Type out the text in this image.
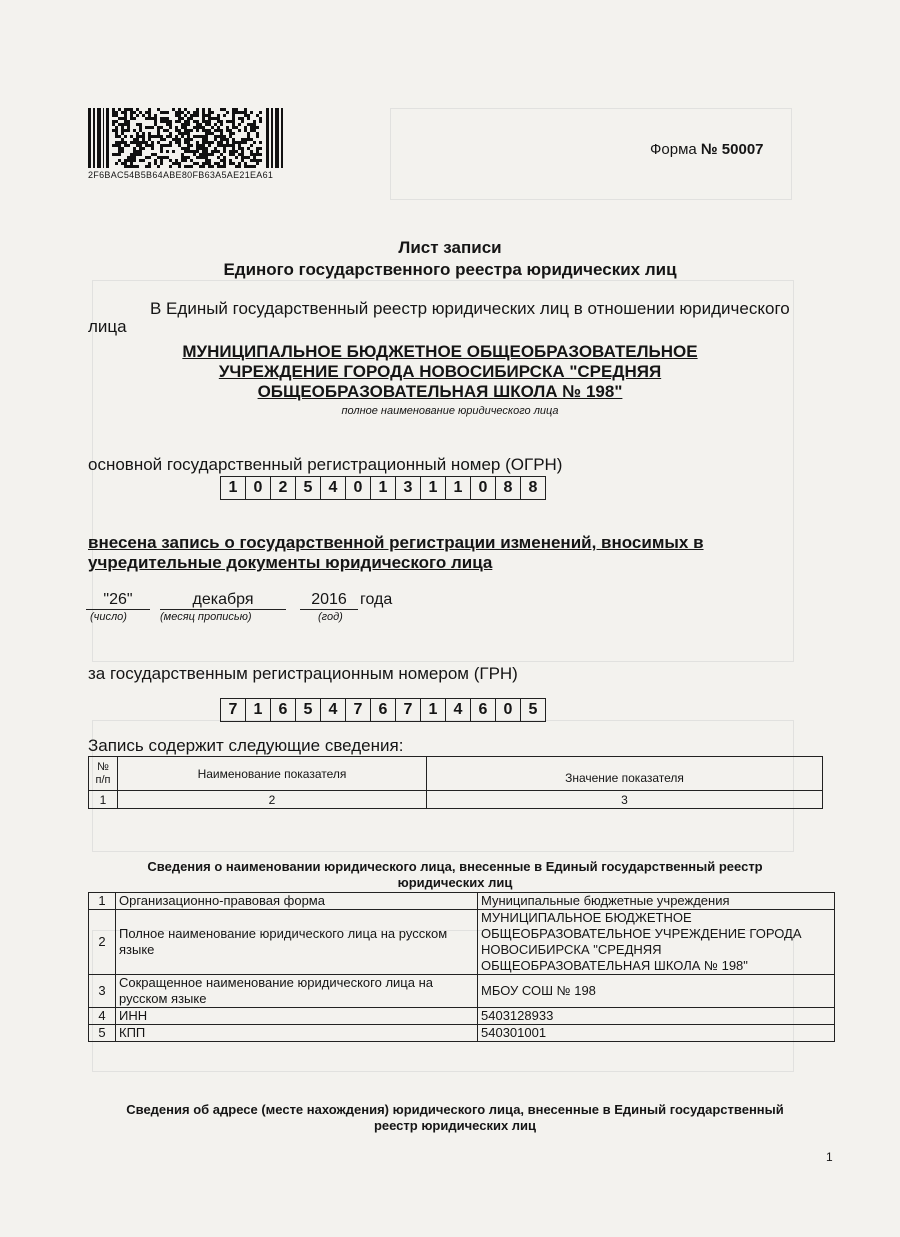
2F6BAC54B5B64ABE80FB63A5AE21EA61
Форма № 50007
Лист записи
Единого государственного реестра юридических лиц
В Единый государственный реестр юридических лиц в отношении юридического
лица
МУНИЦИПАЛЬНОЕ БЮДЖЕТНОЕ ОБЩЕОБРАЗОВАТЕЛЬНОЕ
УЧРЕЖДЕНИЕ ГОРОДА НОВОСИБИРСКА "СРЕДНЯЯ
ОБЩЕОБРАЗОВАТЕЛЬНАЯ ШКОЛА № 198"
полное наименование юридического лица
основной государственный регистрационный номер (ОГРН)
1	0	2	5	4	0	1	3	1	1	0	8	8
внесена запись о государственной регистрации изменений, вносимых в
учредительные документы юридического лица
"26"	декабря	2016 года
(число)	(месяц прописью)	(год)
за государственным регистрационным номером (ГРН)
7	1	6	5	4	7	6	7	1	4	6	0	5
Запись содержит следующие сведения:
№ п/п	Наименование показателя	Значение показателя
1	2	3
Сведения о наименовании юридического лица, внесенные в Единый государственный реестр
юридических лиц
1	Организационно-правовая форма	Муниципальные бюджетные учреждения
2	Полное наименование юридического лица на русском языке	МУНИЦИПАЛЬНОЕ БЮДЖЕТНОЕ ОБЩЕОБРАЗОВАТЕЛЬНОЕ УЧРЕЖДЕНИЕ ГОРОДА НОВОСИБИРСКА "СРЕДНЯЯ ОБЩЕОБРАЗОВАТЕЛЬНАЯ ШКОЛА № 198"
3	Сокращенное наименование юридического лица на русском языке	МБОУ СОШ № 198
4	ИНН	5403128933
5	КПП	540301001
Сведения об адресе (месте нахождения) юридического лица, внесенные в Единый государственный
реестр юридических лиц
1
